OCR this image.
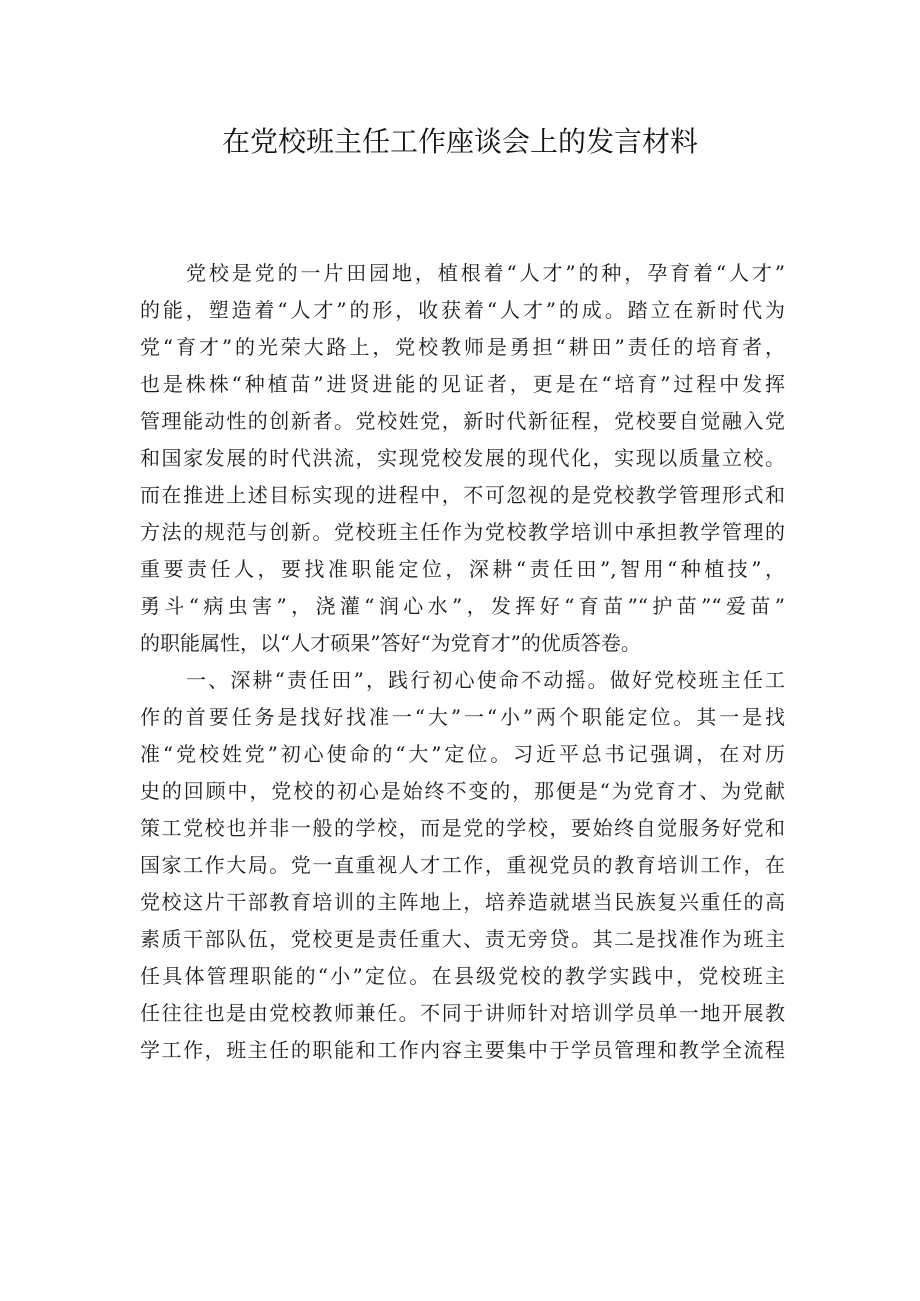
在党校班主任工作座谈会上的发言材料
党校是党的一片田园地，植根着“人才”的种，孕育着“人才”
的能，塑造着“人才”的形，收获着“人才”的成。踏立在新时代为
党“育才”的光荣大路上，党校教师是勇担“耕田”责任的培育者，
也是株株“种植苗”进贤进能的见证者，更是在“培育”过程中发挥
管理能动性的创新者。党校姓党，新时代新征程，党校要自觉融入党
和国家发展的时代洪流，实现党校发展的现代化，实现以质量立校。
而在推进上述目标实现的进程中，不可忽视的是党校教学管理形式和
方法的规范与创新。党校班主任作为党校教学培训中承担教学管理的
重要责任人，要找准职能定位，深耕“责任田”,智用“种植技”，
勇斗“病虫害”，浇灌“润心水”，发挥好“育苗”“护苗”“爱苗”
的职能属性，以“人才硕果”答好“为党育才”的优质答卷。
一、深耕“责任田”，践行初心使命不动摇。做好党校班主任工
作的首要任务是找好找准一“大”一“小”两个职能定位。其一是找
准“党校姓党”初心使命的“大”定位。习近平总书记强调，在对历
史的回顾中，党校的初心是始终不变的，那便是“为党育才、为党献
策工党校也并非一般的学校，而是党的学校，要始终自觉服务好党和
国家工作大局。党一直重视人才工作，重视党员的教育培训工作，在
党校这片干部教育培训的主阵地上，培养造就堪当民族复兴重任的高
素质干部队伍，党校更是责任重大、责无旁贷。其二是找准作为班主
任具体管理职能的“小”定位。在县级党校的教学实践中，党校班主
任往往也是由党校教师兼任。不同于讲师针对培训学员单一地开展教
学工作，班主任的职能和工作内容主要集中于学员管理和教学全流程
